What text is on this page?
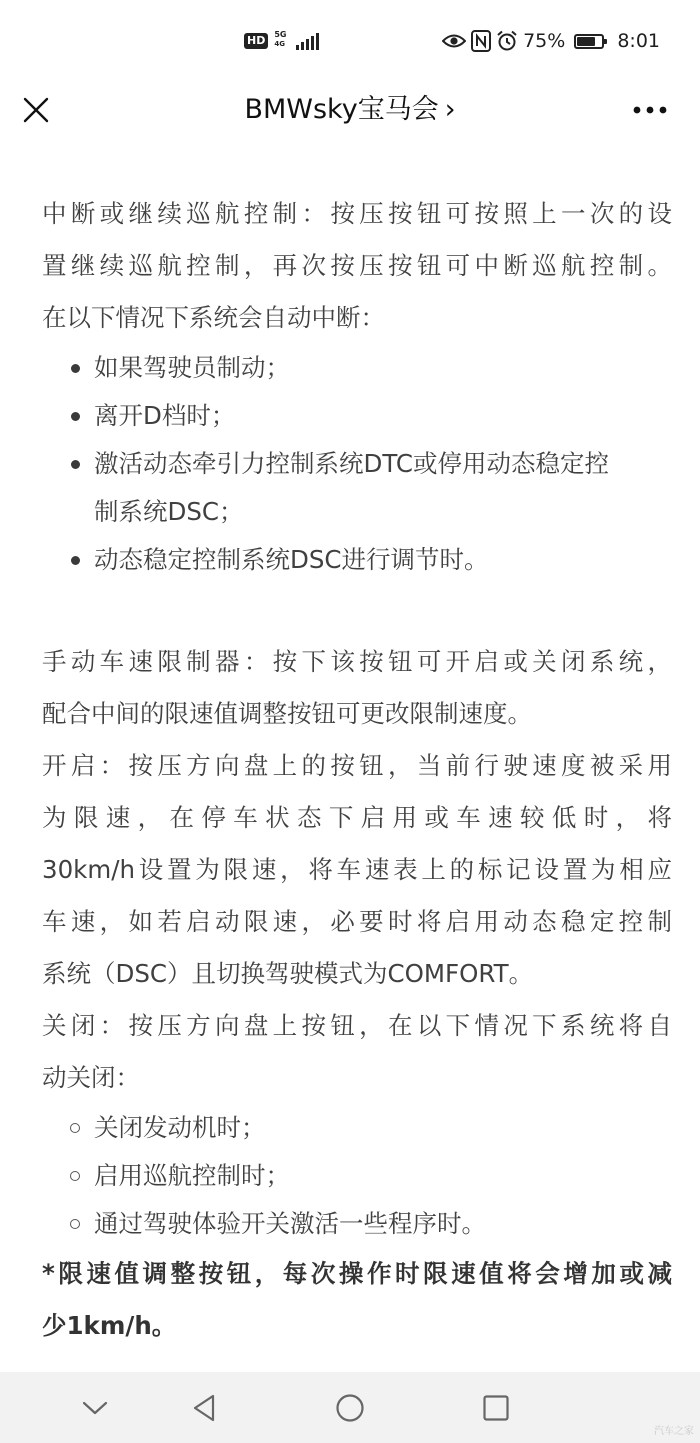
HD	5G
4G	75%	8:01
BMWsky宝马会 ›

中断或继续巡航控制：按压按钮可按照上一次的设

置继续巡航控制，再次按压按钮可中断巡航控制。

在以下情况下系统会自动中断：

如果驾驶员制动；
离开D档时；
激活动态牵引力控制系统DTC或停用动态稳定控
制系统DSC；
动态稳定控制系统DSC进行调节时。

手动车速限制器：按下该按钮可开启或关闭系统，

配合中间的限速值调整按钮可更改限制速度。

开启：按压方向盘上的按钮，当前行驶速度被采用

为限速，在停车状态下启用或车速较低时，将

30km/h设置为限速，将车速表上的标记设置为相应

车速，如若启动限速，必要时将启用动态稳定控制

系统（DSC）且切换驾驶模式为COMFORT。

关闭：按压方向盘上按钮，在以下情况下系统将自

动关闭：

关闭发动机时；
启用巡航控制时；
通过驾驶体验开关激活一些程序时。

*限速值调整按钮，每次操作时限速值将会增加或减

少1km/h。

汽车之家
